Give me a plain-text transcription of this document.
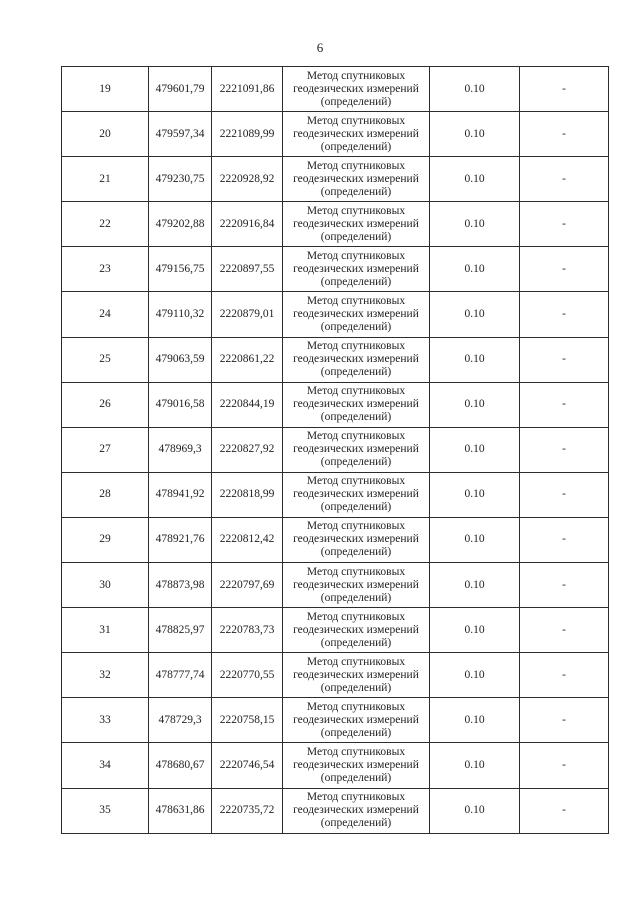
6
19	479601,79	2221091,86	Метод спутниковых
геодезических измерений
(определений)	0.10	-
20	479597,34	2221089,99	Метод спутниковых
геодезических измерений
(определений)	0.10	-
21	479230,75	2220928,92	Метод спутниковых
геодезических измерений
(определений)	0.10	-
22	479202,88	2220916,84	Метод спутниковых
геодезических измерений
(определений)	0.10	-
23	479156,75	2220897,55	Метод спутниковых
геодезических измерений
(определений)	0.10	-
24	479110,32	2220879,01	Метод спутниковых
геодезических измерений
(определений)	0.10	-
25	479063,59	2220861,22	Метод спутниковых
геодезических измерений
(определений)	0.10	-
26	479016,58	2220844,19	Метод спутниковых
геодезических измерений
(определений)	0.10	-
27	478969,3	2220827,92	Метод спутниковых
геодезических измерений
(определений)	0.10	-
28	478941,92	2220818,99	Метод спутниковых
геодезических измерений
(определений)	0.10	-
29	478921,76	2220812,42	Метод спутниковых
геодезических измерений
(определений)	0.10	-
30	478873,98	2220797,69	Метод спутниковых
геодезических измерений
(определений)	0.10	-
31	478825,97	2220783,73	Метод спутниковых
геодезических измерений
(определений)	0.10	-
32	478777,74	2220770,55	Метод спутниковых
геодезических измерений
(определений)	0.10	-
33	478729,3	2220758,15	Метод спутниковых
геодезических измерений
(определений)	0.10	-
34	478680,67	2220746,54	Метод спутниковых
геодезических измерений
(определений)	0.10	-
35	478631,86	2220735,72	Метод спутниковых
геодезических измерений
(определений)	0.10	-
